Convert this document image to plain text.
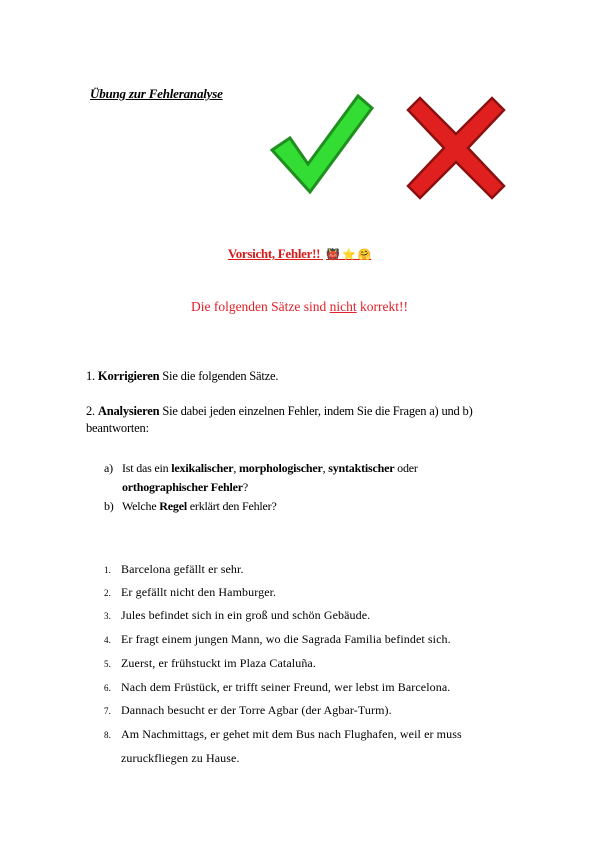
Übung zur Fehleranalyse
Vorsicht, Fehler!! 👹 ⭐ 🤗
Die folgenden Sätze sind nicht korrekt!!
1. Korrigieren Sie die folgenden Sätze.
2. Analysieren Sie dabei jeden einzelnen Fehler, indem Sie die Fragen a) und b)
beantworten:
a) Ist das ein lexikalischer, morphologischer, syntaktischer oder
orthographischer Fehler?
b) Welche Regel erklärt den Fehler?
1. Barcelona gefällt er sehr.
2. Er gefällt nicht den Hamburger.
3. Jules befindet sich in ein groß und schön Gebäude.
4. Er fragt einem jungen Mann, wo die Sagrada Familia befindet sich.
5. Zuerst, er frühstuckt im Plaza Cataluña.
6. Nach dem Früstück, er trifft seiner Freund, wer lebst im Barcelona.
7. Dannach besucht er der Torre Agbar (der Agbar-Turm).
8. Am Nachmittags, er gehet mit dem Bus nach Flughafen, weil er muss
zuruckfliegen zu Hause.
